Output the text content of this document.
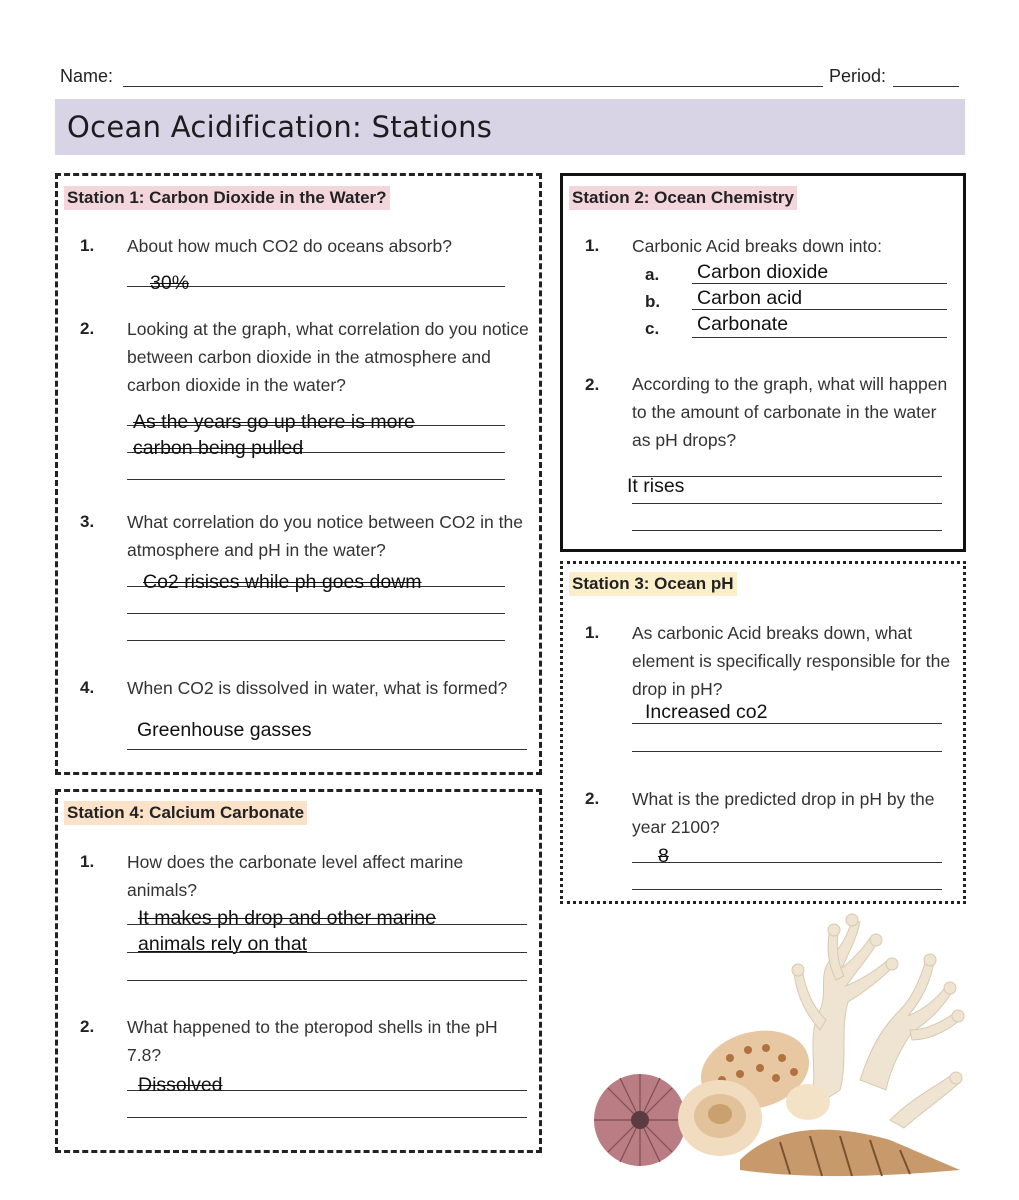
Name:	Period:
Ocean Acidification: Stations
Station 1: Carbon Dioxide in the Water?
1. About how much CO2 do oceans absorb?
30%
2. Looking at the graph, what correlation do you notice between carbon dioxide in the atmosphere and carbon dioxide in the water?
As the years go up there is more
carbon being pulled
3. What correlation do you notice between CO2 in the atmosphere and pH in the water?
Co2 risises while ph goes dowm
4. When CO2 is dissolved in water, what is formed?
Greenhouse gasses
Station 4: Calcium Carbonate
1. How does the carbonate level affect marine animals?
It makes ph drop and other marine
animals rely on that
2. What happened to the pteropod shells in the pH 7.8?
Dissolved
Station 2: Ocean Chemistry
1. Carbonic Acid breaks down into:
a. Carbon dioxide
b. Carbon acid
c. Carbonate
2. According to the graph, what will happen to the amount of carbonate in the water as pH drops?
It rises
Station 3: Ocean pH
1. As carbonic Acid breaks down, what element is specifically responsible for the drop in pH?
Increased co2
2. What is the predicted drop in pH by the year 2100?
8
